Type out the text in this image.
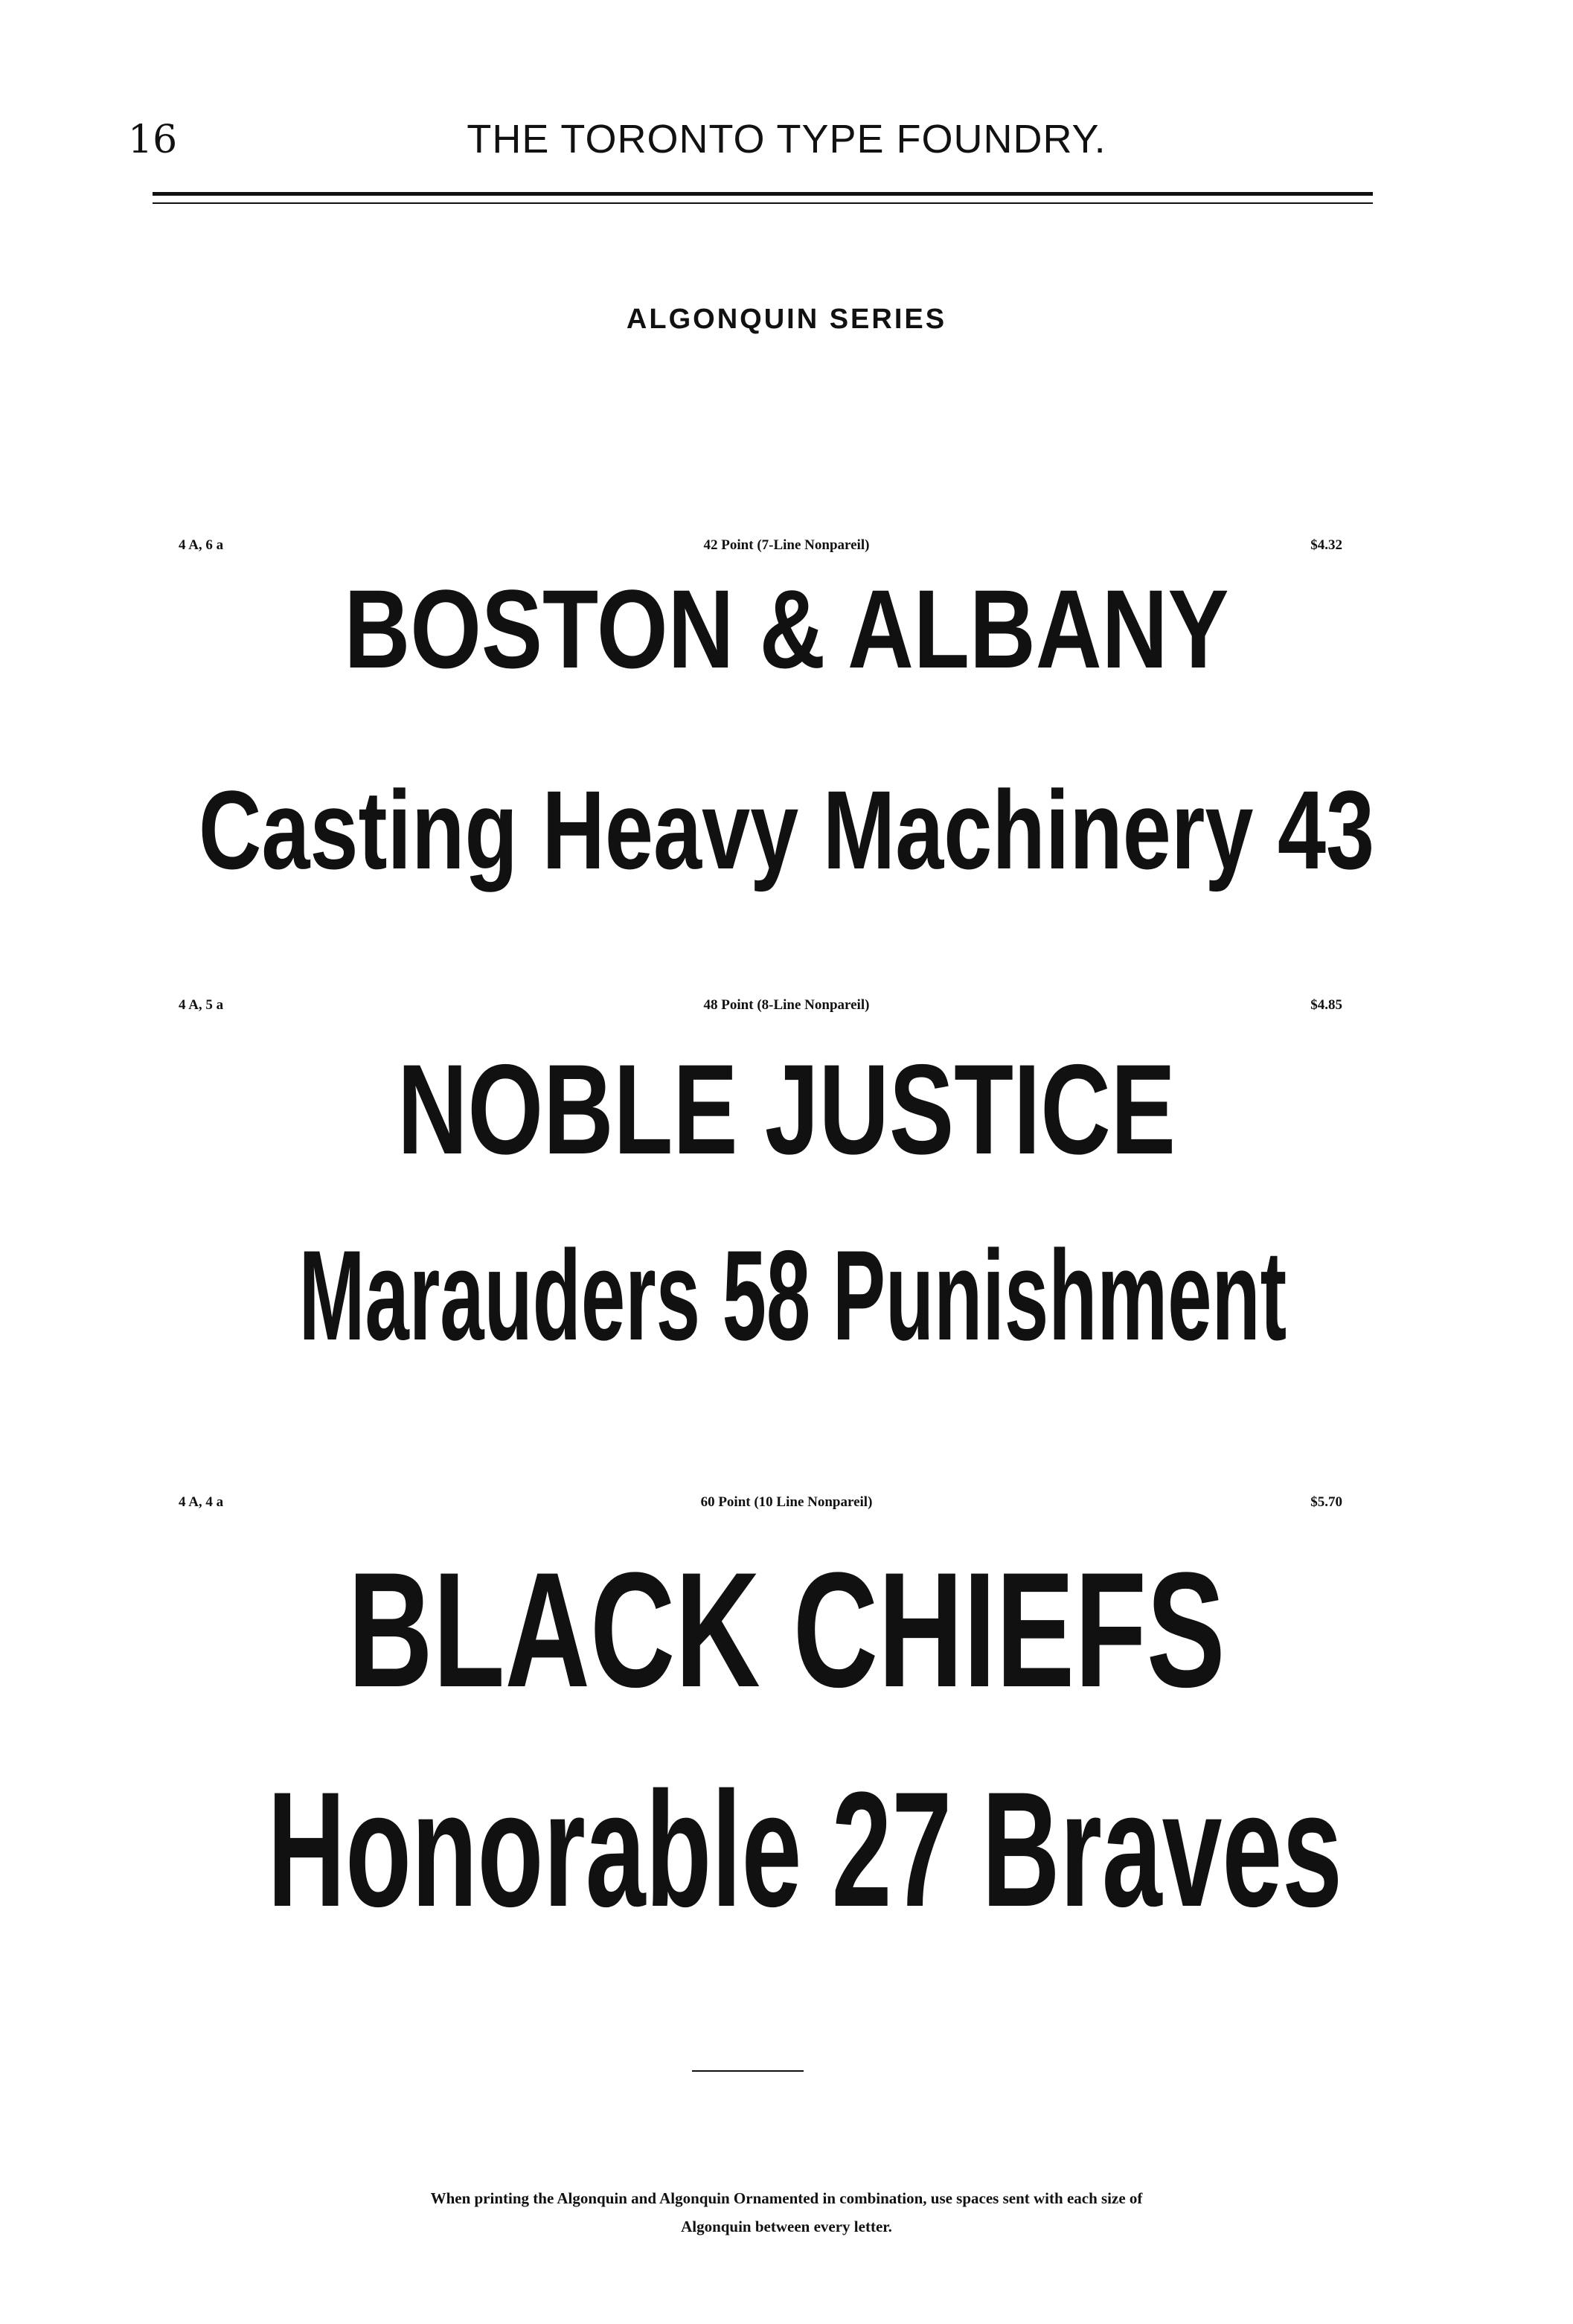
16	THE TORONTO TYPE FOUNDRY.
ALGONQUIN SERIES
4 A, 6 a	42 Point (7-Line Nonpareil)	$4.32
BOSTON & ALBANY
Casting Heavy Machinery 43
4 A, 5 a	48 Point (8-Line Nonpareil)	$4.85
NOBLE JUSTICE
Marauders 58 Punishment
4 A, 4 a	60 Point (10 Line Nonpareil)	$5.70
BLACK CHIEFS
Honorable 27 Braves
When printing the Algonquin and Algonquin Ornamented in combination, use spaces sent with each size of
Algonquin between every letter.
